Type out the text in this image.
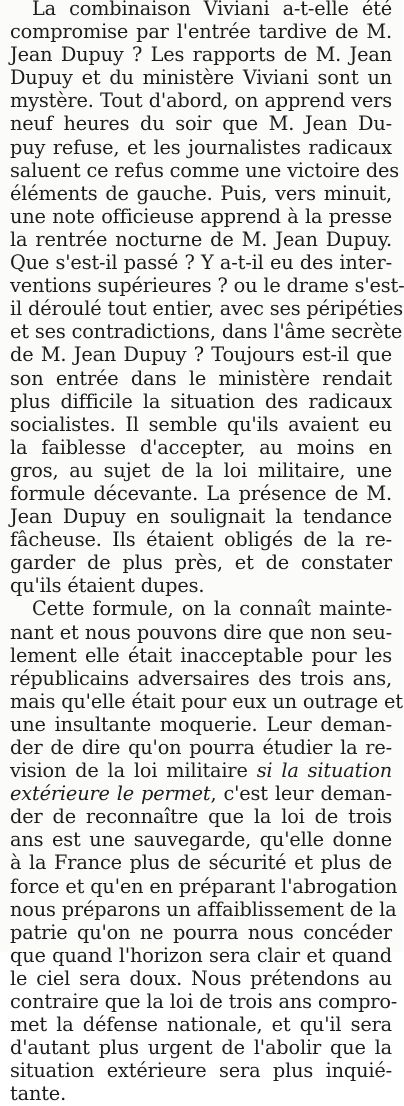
La combinaison Viviani a-t-elle été
compromise par l'entrée tardive de M.
Jean Dupuy ? Les rapports de M. Jean
Dupuy et du ministère Viviani sont un
mystère. Tout d'abord, on apprend vers
neuf heures du soir que M. Jean Du-
puy refuse, et les journalistes radicaux
saluent ce refus comme une victoire des
éléments de gauche. Puis, vers minuit,
une note officieuse apprend à la presse
la rentrée nocturne de M. Jean Dupuy.
Que s'est-il passé ? Y a-t-il eu des inter-
ventions supérieures ? ou le drame s'est-
il déroulé tout entier, avec ses péripéties
et ses contradictions, dans l'âme secrète
de M. Jean Dupuy ? Toujours est-il que
son entrée dans le ministère rendait
plus difficile la situation des radicaux
socialistes. Il semble qu'ils avaient eu
la faiblesse d'accepter, au moins en
gros, au sujet de la loi militaire, une
formule décevante. La présence de M.
Jean Dupuy en soulignait la tendance
fâcheuse. Ils étaient obligés de la re-
garder de plus près, et de constater
qu'ils étaient dupes.
Cette formule, on la connaît mainte-
nant et nous pouvons dire que non seu-
lement elle était inacceptable pour les
républicains adversaires des trois ans,
mais qu'elle était pour eux un outrage et
une insultante moquerie. Leur deman-
der de dire qu'on pourra étudier la re-
vision de la loi militaire si la situation
extérieure le permet, c'est leur deman-
der de reconnaître que la loi de trois
ans est une sauvegarde, qu'elle donne
à la France plus de sécurité et plus de
force et qu'en en préparant l'abrogation
nous préparons un affaiblissement de la
patrie qu'on ne pourra nous concéder
que quand l'horizon sera clair et quand
le ciel sera doux. Nous prétendons au
contraire que la loi de trois ans compro-
met la défense nationale, et qu'il sera
d'autant plus urgent de l'abolir que la
situation extérieure sera plus inquié-
tante.
